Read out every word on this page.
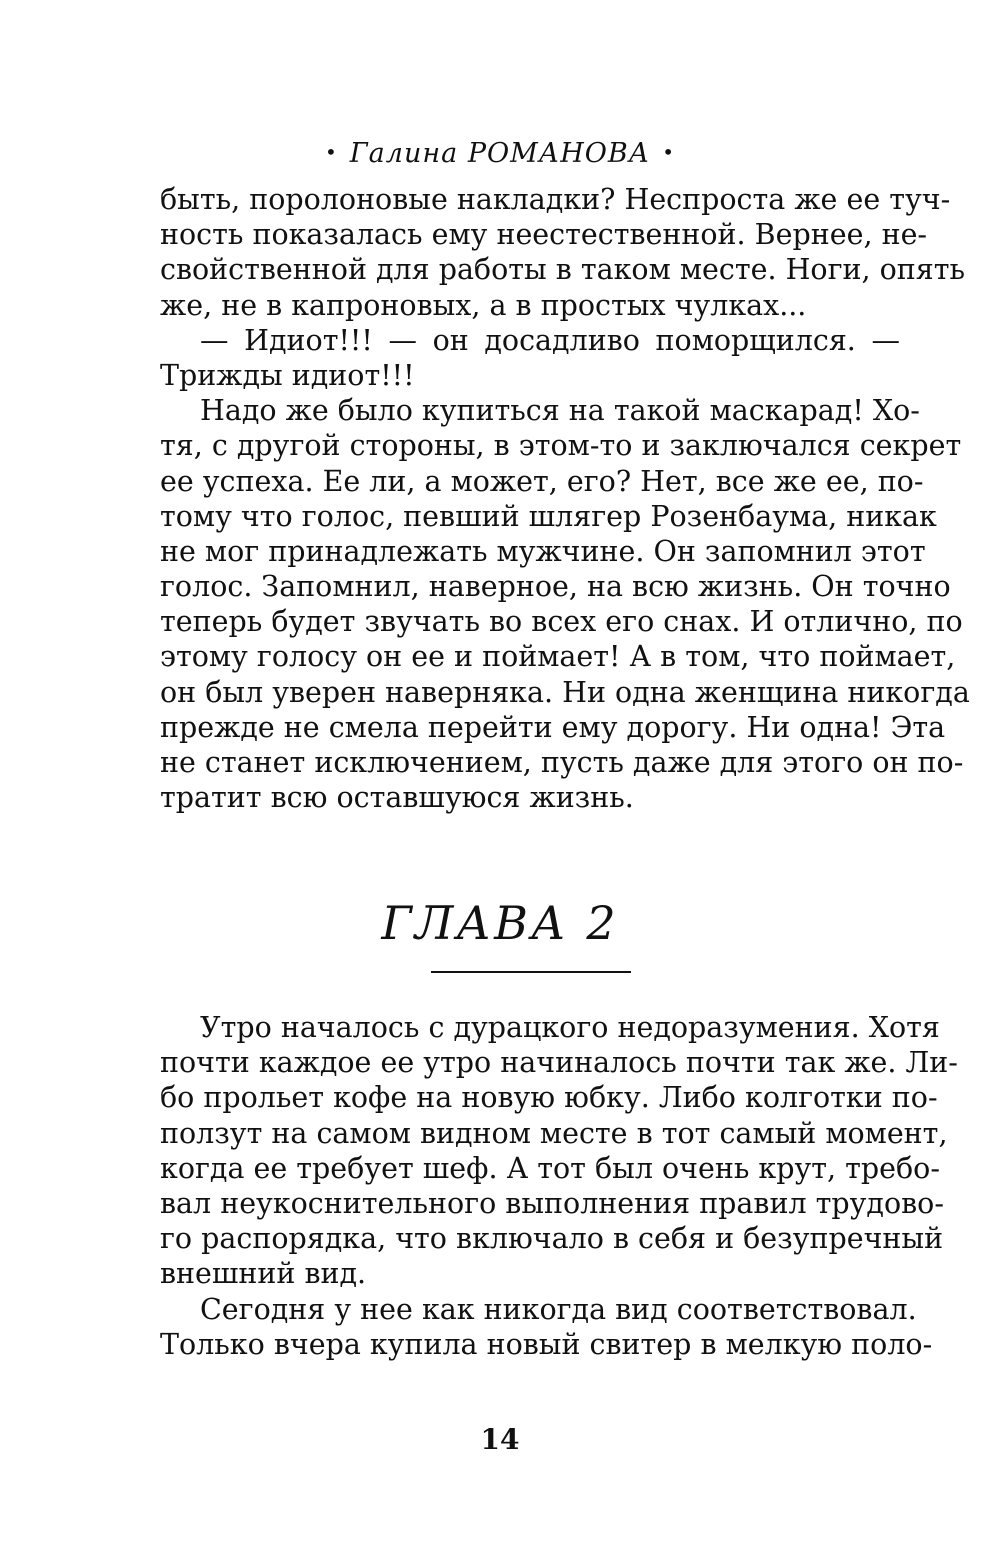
• Галина РОМАНОВА •
быть, поролоновые накладки? Неспроста же ее туч-
ность показалась ему неестественной. Вернее, не-
свойственной для работы в таком месте. Ноги, опять
же, не в капроновых, а в простых чулках...
— Идиот!!! — он досадливо поморщился. —
Трижды идиот!!!
Надо же было купиться на такой маскарад! Хо-
тя, с другой стороны, в этом-то и заключался секрет
ее успеха. Ее ли, а может, его? Нет, все же ее, по-
тому что голос, певший шлягер Розенбаума, никак
не мог принадлежать мужчине. Он запомнил этот
голос. Запомнил, наверное, на всю жизнь. Он точно
теперь будет звучать во всех его снах. И отлично, по
этому голосу он ее и поймает! А в том, что поймает,
он был уверен наверняка. Ни одна женщина никогда
прежде не смела перейти ему дорогу. Ни одна! Эта
не станет исключением, пусть даже для этого он по-
тратит всю оставшуюся жизнь.
ГЛАВА 2
Утро началось с дурацкого недоразумения. Хотя
почти каждое ее утро начиналось почти так же. Ли-
бо прольет кофе на новую юбку. Либо колготки по-
ползут на самом видном месте в тот самый момент,
когда ее требует шеф. А тот был очень крут, требо-
вал неукоснительного выполнения правил трудово-
го распорядка, что включало в себя и безупречный
внешний вид.
Сегодня у нее как никогда вид соответствовал.
Только вчера купила новый свитер в мелкую поло-
14
